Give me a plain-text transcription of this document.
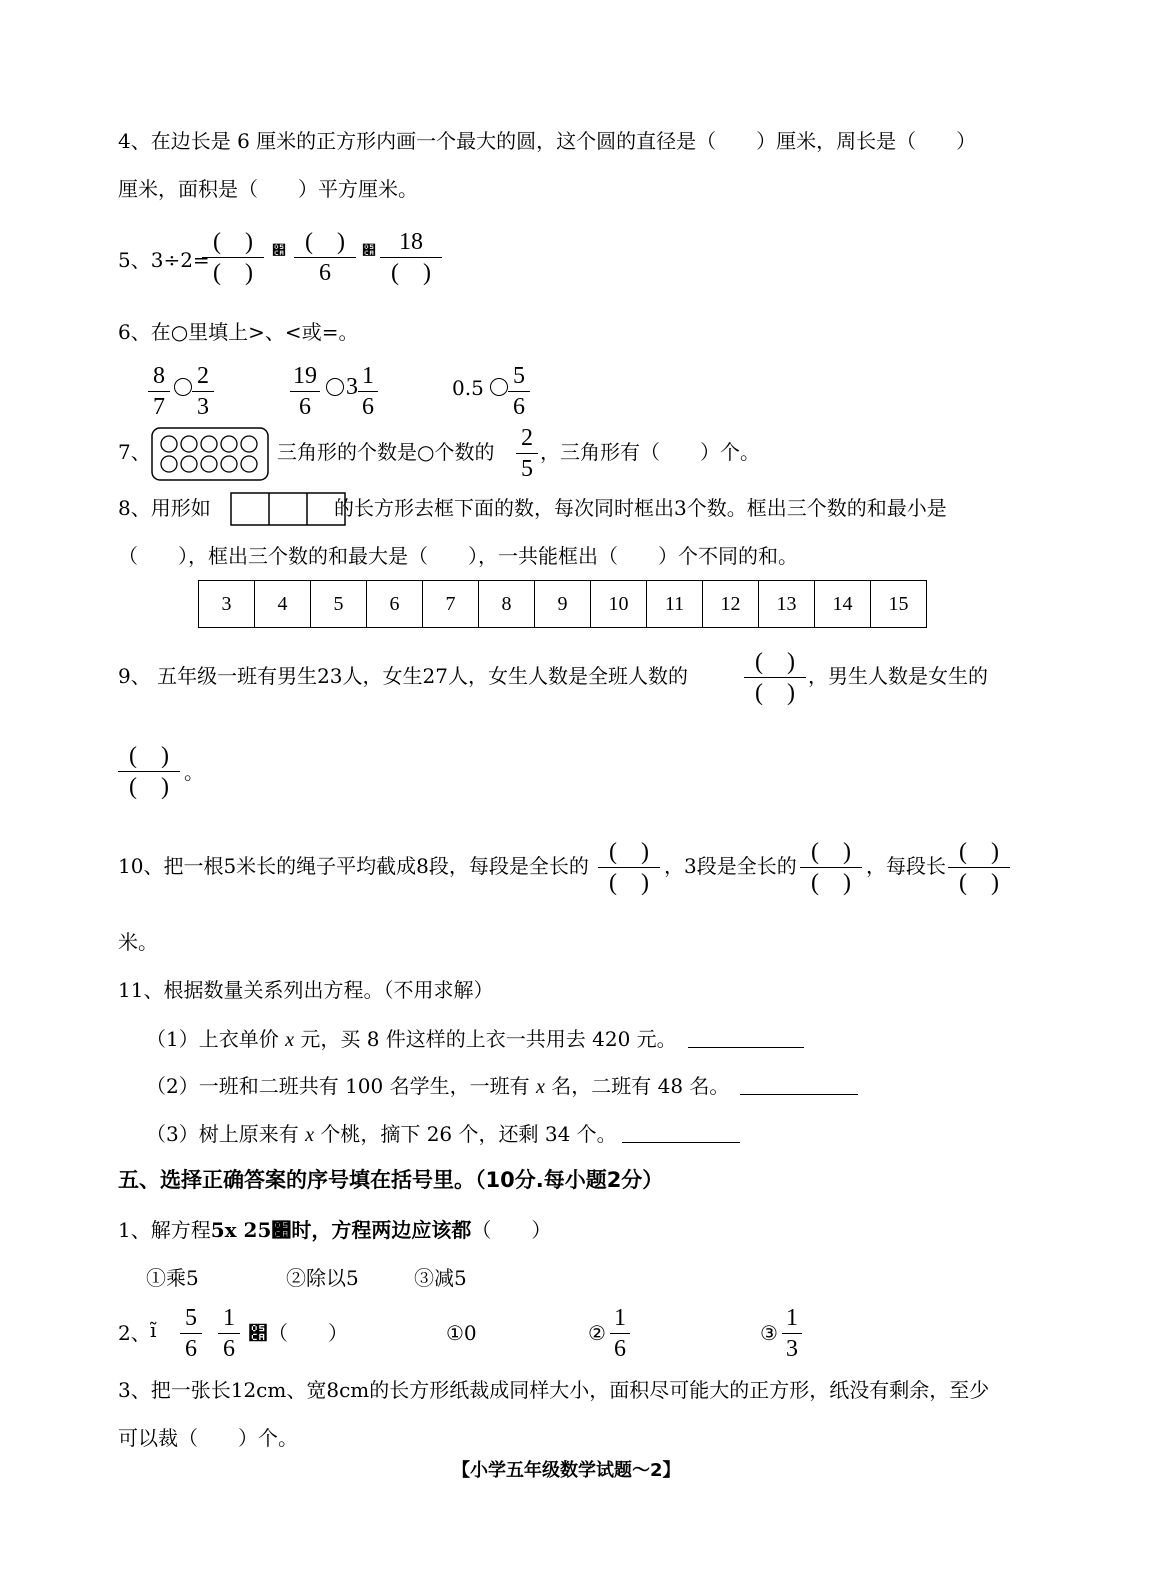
4、在边长是 6 厘米的正方形内画一个最大的圆，这个圆的直径是（　　）厘米，周长是（　　）
厘米，面积是（　　）平方厘米。
5、3÷2=
(　)
(　)
׊ (　)
6
׊ 18
(　)
6、在○里填上>、<或=。
$\frac{8}{7} \frac{2}{3}$	$\frac{19}{6} 3 \frac{1}{6}$	$0.5 \frac{5}{6}$
7、	三角形的个数是○个数的 $\frac{2}{5}$ ，三角形有（　　）个。
8、用形如	的长方形去框下面的数，每次同时框出3个数。框出三个数的和最小是
（　　），框出三个数的和最大是（　　），一共能框出（　　）个不同的和。
3	4	5	6	7	8	9	10	11	12	13	14	15
9、 五年级一班有男生23人，女生27人，女生人数是全班人数的
(　)
(　)
，男生人数是女生的
(　)
(　)
。
10、把一根5米长的绳子平均截成8段，每段是全长的
(　)
(　)
，3段是全长的
(　)
(　)
，每段长
(　)
(　)
米。
11、根据数量关系列出方程。（不用求解）
（1）上衣单价 x 元，买 8 件这样的上衣一共用去 420 元。
（2）一班和二班共有 100 名学生，一班有 x 名，二班有 48 名。
（3）树上原来有 x 个桃，摘下 26 个，还剩 34 个。
五、选择正确答案的序号填在括号里。（10分.每小题2分）
1、解方程5x ׊25时，方程两边应该都（　　）
①乘5	②除以5	③减5
2、 ĩ $\frac{5}{6} \frac{1}{6}$ ׊（　　）	①0	② $\frac{1}{6}$	③ $\frac{1}{3}$
3、把一张长12cm、宽8cm的长方形纸裁成同样大小，面积尽可能大的正方形，纸没有剩余，至少
可以裁（　　）个。
【小学五年级数学试题～2】
